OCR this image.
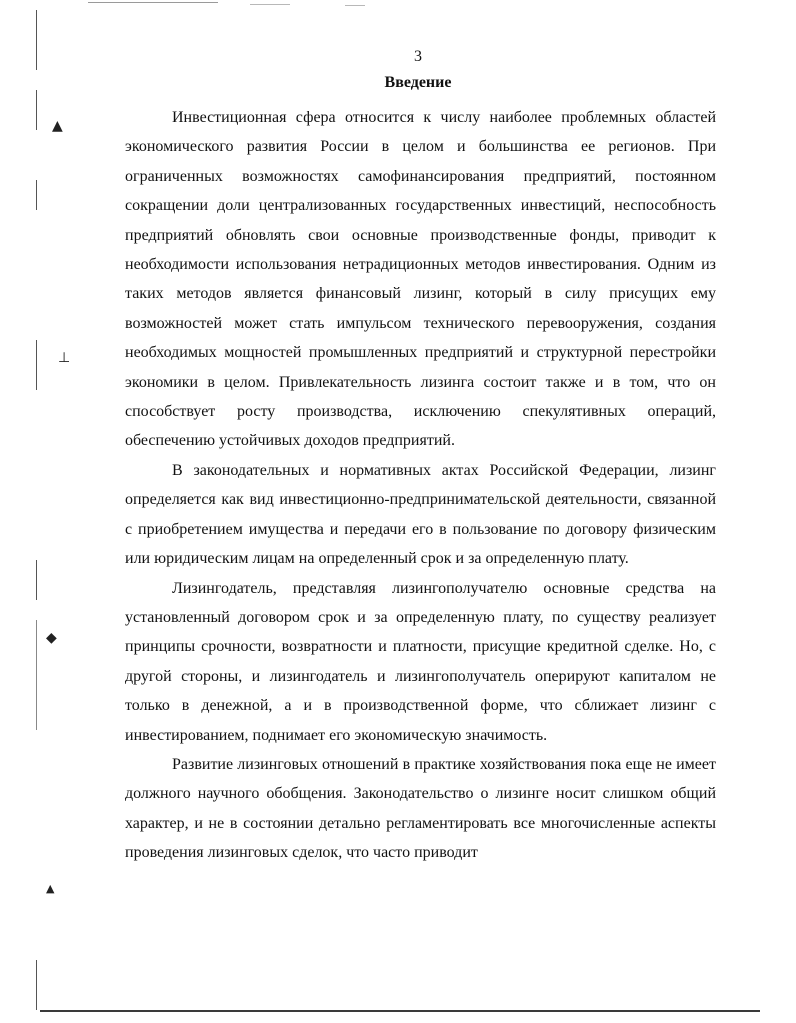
▲
⊥
◆
▲
3
Введение

Инвестиционная сфера относится к числу наиболее проблемных областей экономического развития России в целом и большинства ее регионов. При ограниченных возможностях самофинансирования предприятий, постоянном сокращении доли централизованных государственных инвестиций, неспособность предприятий обновлять свои основные производственные фонды, приводит к необходимости использования нетрадиционных методов инвестирования. Одним из таких методов является финансовый лизинг, который в силу присущих ему возможностей может стать импульсом технического перевооружения, создания необходимых мощностей промышленных предприятий и структурной перестройки экономики в целом. Привлекательность лизинга состоит также и в том, что он способствует росту производства, исключению спекулятивных операций, обеспечению устойчивых доходов предприятий.

В законодательных и нормативных актах Российской Федерации, лизинг определяется как вид инвестиционно-предпринимательской деятельности, связанной с приобретением имущества и передачи его в пользование по договору физическим или юридическим лицам на определенный срок и за определенную плату.

Лизингодатель, представляя лизингополучателю основные средства на установленный договором срок и за определенную плату, по существу реализует принципы срочности, возвратности и платности, присущие кредитной сделке. Но, с другой стороны, и лизингодатель и лизингополучатель оперируют капиталом не только в денежной, а и в производственной форме, что сближает лизинг с инвестированием, поднимает его экономическую значимость.

Развитие лизинговых отношений в практике хозяйствования пока еще не имеет должного научного обобщения. Законодательство о лизинге носит слишком общий характер, и не в состоянии детально регламентировать все многочисленные аспекты проведения лизинговых сделок, что часто приводит
